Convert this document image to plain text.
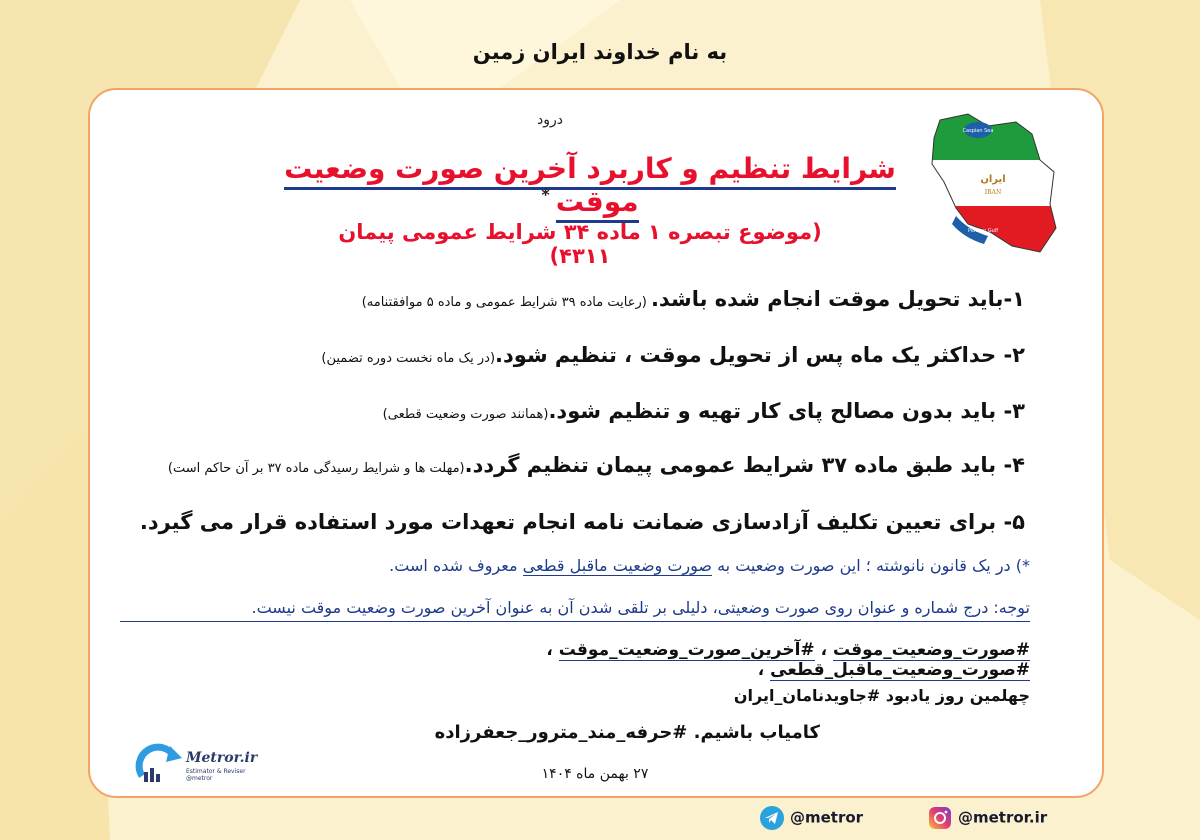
به نام خداوند ایران زمین
درود
شرایط تنظیم و کاربرد آخرین صورت وضعیت موقت*
(موضوع تبصره ۱ ماده ۳۴ شرایط عمومی پیمان ۴۳۱۱)
Caspian Sea
ایران
IRAN
Persian Gulf
۱-باید تحویل موقت انجام شده باشد. (رعایت ماده ۳۹ شرایط عمومی و ماده ۵ موافقتنامه)
۲- حداکثر یک ماه پس از تحویل موقت ، تنظیم شود.(در یک ماه نخست دوره تضمین)
۳- باید بدون مصالح پای کار تهیه و تنظیم شود.(همانند صورت وضعیت قطعی)
۴- باید طبق ماده ۳۷ شرایط عمومی پیمان تنظیم گردد.(مهلت ها و شرایط رسیدگی ماده ۳۷ بر آن حاکم است)
۵- برای تعیین تکلیف آزادسازی ضمانت نامه انجام تعهدات مورد استفاده قرار می گیرد.
*) در یک قانون نانوشته ؛ این صورت وضعیت به صورت وضعیت ماقبل قطعی معروف شده است.
توجه: درج شماره و عنوان روی صورت وضعیتی، دلیلی بر تلقی شدن آن به عنوان آخرین صورت وضعیت موقت نیست.
#صورت_وضعیت_موقت ، #آخرین_صورت_وضعیت_موقت ، #صورت_وضعیت_ماقبل_قطعی ،
چهلمین روز یادبود #جاویدنامان_ایران
کامیاب باشیم. #حرفه_مند_مترور_جعفرزاده
۲۷ بهمن ماه ۱۴۰۴
Metror.ir
Estimator & Reviser
@metror
@metror	@metror.ir
